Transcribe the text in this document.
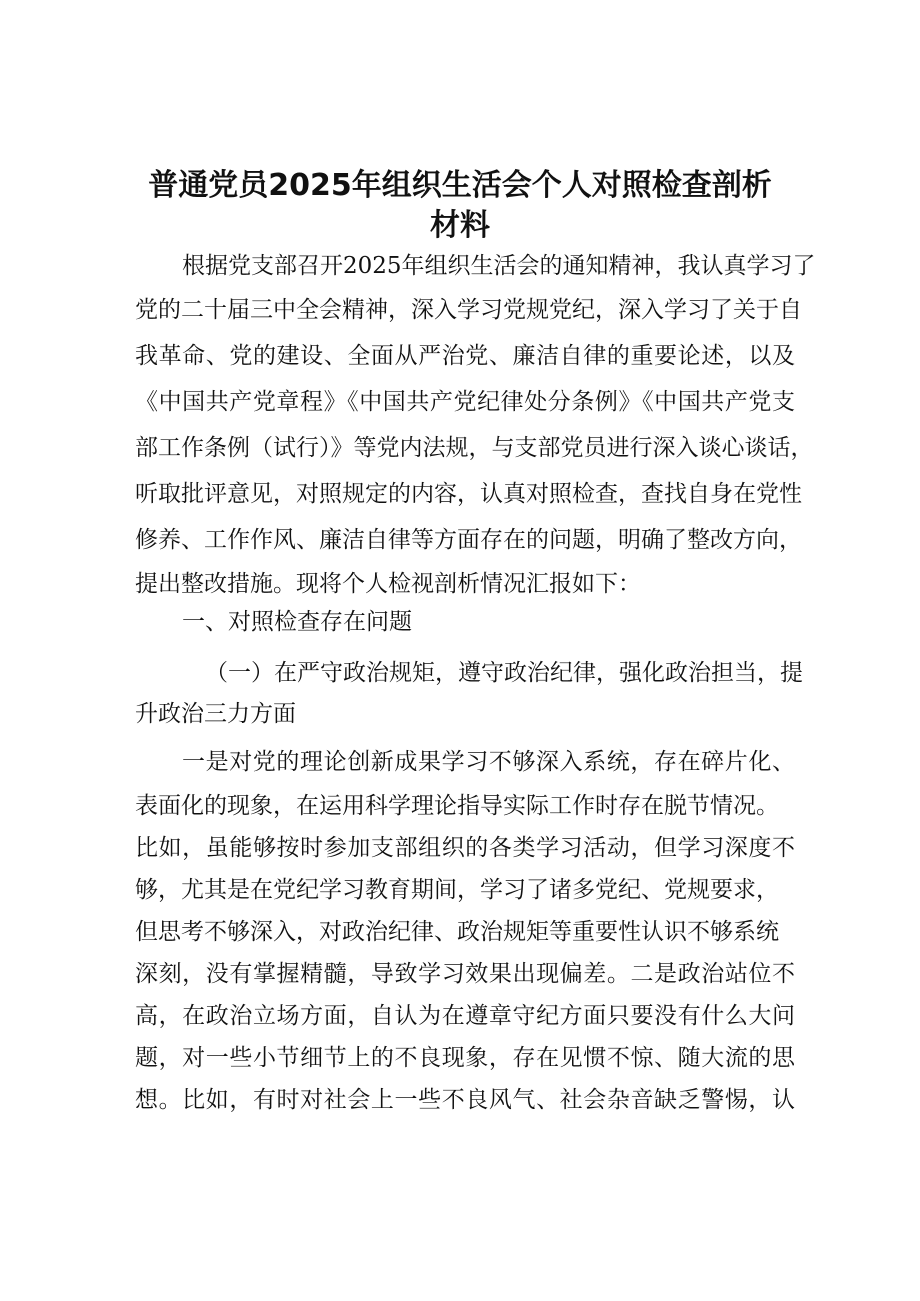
普通党员2025年组织生活会个人对照检查剖析
材料
根据党支部召开2025年组织生活会的通知精神，我认真学习了
党的二十届三中全会精神，深入学习党规党纪，深入学习了关于自
我革命、党的建设、全面从严治党、廉洁自律的重要论述，以及
《中国共产党章程》《中国共产党纪律处分条例》《中国共产党支
部工作条例（试行）》等党内法规，与支部党员进行深入谈心谈话，
听取批评意见，对照规定的内容，认真对照检查，查找自身在党性
修养、工作作风、廉洁自律等方面存在的问题，明确了整改方向，
提出整改措施。现将个人检视剖析情况汇报如下：
一、对照检查存在问题
（一）在严守政治规矩，遵守政治纪律，强化政治担当，提
升政治三力方面
一是对党的理论创新成果学习不够深入系统，存在碎片化、
表面化的现象，在运用科学理论指导实际工作时存在脱节情况。
比如，虽能够按时参加支部组织的各类学习活动，但学习深度不
够，尤其是在党纪学习教育期间，学习了诸多党纪、党规要求，
但思考不够深入，对政治纪律、政治规矩等重要性认识不够系统
深刻，没有掌握精髓，导致学习效果出现偏差。二是政治站位不
高，在政治立场方面，自认为在遵章守纪方面只要没有什么大问
题，对一些小节细节上的不良现象，存在见惯不惊、随大流的思
想。比如，有时对社会上一些不良风气、社会杂音缺乏警惕，认
